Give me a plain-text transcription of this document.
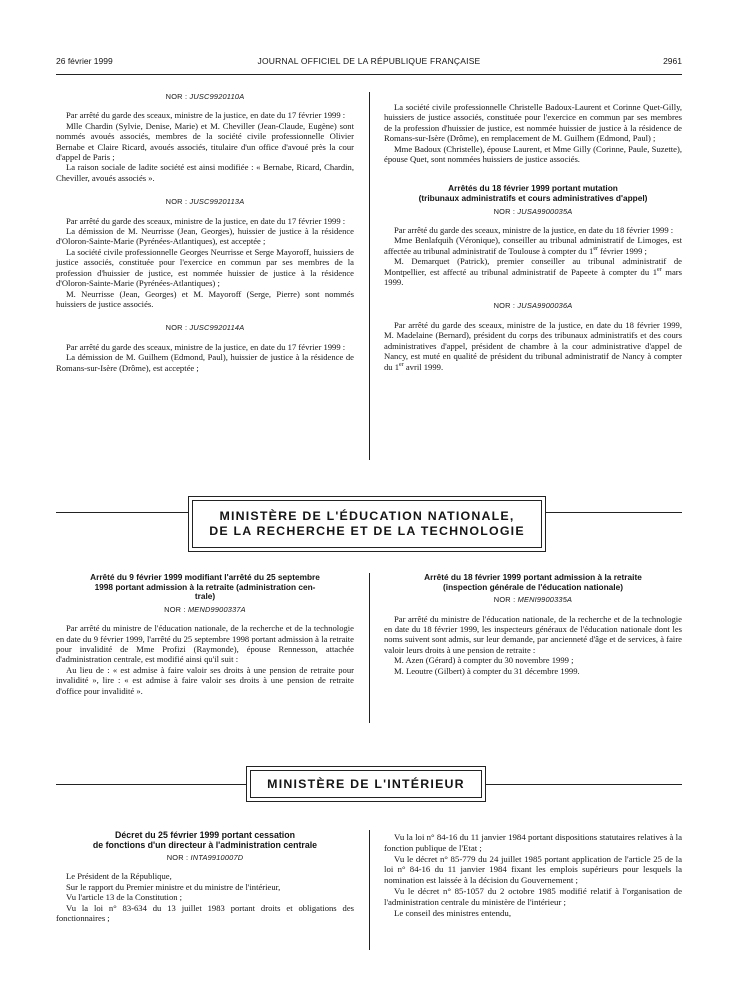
26 février 1999	JOURNAL OFFICIEL DE LA RÉPUBLIQUE FRANÇAISE	2961
NOR : JUSC9920110A

Par arrêté du garde des sceaux, ministre de la justice, en date du 17 février 1999 :

Mlle Chardin (Sylvie, Denise, Marie) et M. Cheviller (Jean-Claude, Eugène) sont nommés avoués associés, membres de la société civile professionnelle Olivier Bernabe et Claire Ricard, avoués associés, titulaire d'un office d'avoué près la cour d'appel de Paris ;

La raison sociale de ladite société est ainsi modifiée : « Bernabe, Ricard, Chardin, Cheviller, avoués associés ».

NOR : JUSC9920113A

Par arrêté du garde des sceaux, ministre de la justice, en date du 17 février 1999 :

La démission de M. Neurrisse (Jean, Georges), huissier de justice à la résidence d'Oloron-Sainte-Marie (Pyrénées-Atlantiques), est acceptée ;

La société civile professionnelle Georges Neurrisse et Serge Mayoroff, huissiers de justice associés, constituée pour l'exercice en commun par ses membres de la profession d'huissier de justice, est nommée huissier de justice à la résidence d'Oloron-Sainte-Marie (Pyrénées-Atlantiques) ;

M. Neurrisse (Jean, Georges) et M. Mayoroff (Serge, Pierre) sont nommés huissiers de justice associés.

NOR : JUSC9920114A

Par arrêté du garde des sceaux, ministre de la justice, en date du 17 février 1999 :

La démission de M. Guilhem (Edmond, Paul), huissier de justice à la résidence de Romans-sur-Isère (Drôme), est acceptée ;

La société civile professionnelle Christelle Badoux-Laurent et Corinne Quet-Gilly, huissiers de justice associés, constituée pour l'exercice en commun par ses membres de la profession d'huissier de justice, est nommée huissier de justice à la résidence de Romans-sur-Isère (Drôme), en remplacement de M. Guilhem (Edmond, Paul) ;

Mme Badoux (Christelle), épouse Laurent, et Mme Gilly (Corinne, Paule, Suzette), épouse Quet, sont nommées huissiers de justice associés.

Arrêtés du 18 février 1999 portant mutation
(tribunaux administratifs et cours administratives d'appel)
NOR : JUSA9900035A

Par arrêté du garde des sceaux, ministre de la justice, en date du 18 février 1999 :

Mme Benlafquih (Véronique), conseiller au tribunal administratif de Limoges, est affectée au tribunal administratif de Toulouse à compter du 1er février 1999 ;

M. Demarquet (Patrick), premier conseiller au tribunal administratif de Montpellier, est affecté au tribunal administratif de Papeete à compter du 1er mars 1999.

NOR : JUSA9900036A

Par arrêté du garde des sceaux, ministre de la justice, en date du 18 février 1999, M. Madelaine (Bernard), président du corps des tribunaux administratifs et des cours administratives d'appel, président de chambre à la cour administrative d'appel de Nancy, est muté en qualité de président du tribunal administratif de Nancy à compter du 1er avril 1999.

MINISTÈRE DE L'ÉDUCATION NATIONALE,
DE LA RECHERCHE ET DE LA TECHNOLOGIE
Arrêté du 9 février 1999 modifiant l'arrêté du 25 septembre
1998 portant admission à la retraite (administration cen-
trale)
NOR : MEND9900337A

Par arrêté du ministre de l'éducation nationale, de la recherche et de la technologie en date du 9 février 1999, l'arrêté du 25 septembre 1998 portant admission à la retraite pour invalidité de Mme Profizi (Raymonde), épouse Rennesson, attachée d'administration centrale, est modifié ainsi qu'il suit :

Au lieu de : « est admise à faire valoir ses droits à une pension de retraite pour invalidité », lire : « est admise à faire valoir ses droits à une pension de retraite d'office pour invalidité ».

Arrêté du 18 février 1999 portant admission à la retraite
(inspection générale de l'éducation nationale)
NOR : MENI9900335A

Par arrêté du ministre de l'éducation nationale, de la recherche et de la technologie en date du 18 février 1999, les inspecteurs généraux de l'éducation nationale dont les noms suivent sont admis, sur leur demande, par ancienneté d'âge et de services, à faire valoir leurs droits à une pension de retraite :

M. Azen (Gérard) à compter du 30 novembre 1999 ;

M. Leoutre (Gilbert) à compter du 31 décembre 1999.

MINISTÈRE DE L'INTÉRIEUR
Décret du 25 février 1999 portant cessation
de fonctions d'un directeur à l'administration centrale
NOR : INTA9910007D

Le Président de la République,

Sur le rapport du Premier ministre et du ministre de l'intérieur,

Vu l'article 13 de la Constitution ;

Vu la loi n° 83-634 du 13 juillet 1983 portant droits et obligations des fonctionnaires ;

Vu la loi n° 84-16 du 11 janvier 1984 portant dispositions statutaires relatives à la fonction publique de l'Etat ;

Vu le décret n° 85-779 du 24 juillet 1985 portant application de l'article 25 de la loi n° 84-16 du 11 janvier 1984 fixant les emplois supérieurs pour lesquels la nomination est laissée à la décision du Gouvernement ;

Vu le décret n° 85-1057 du 2 octobre 1985 modifié relatif à l'organisation de l'administration centrale du ministère de l'intérieur ;

Le conseil des ministres entendu,
